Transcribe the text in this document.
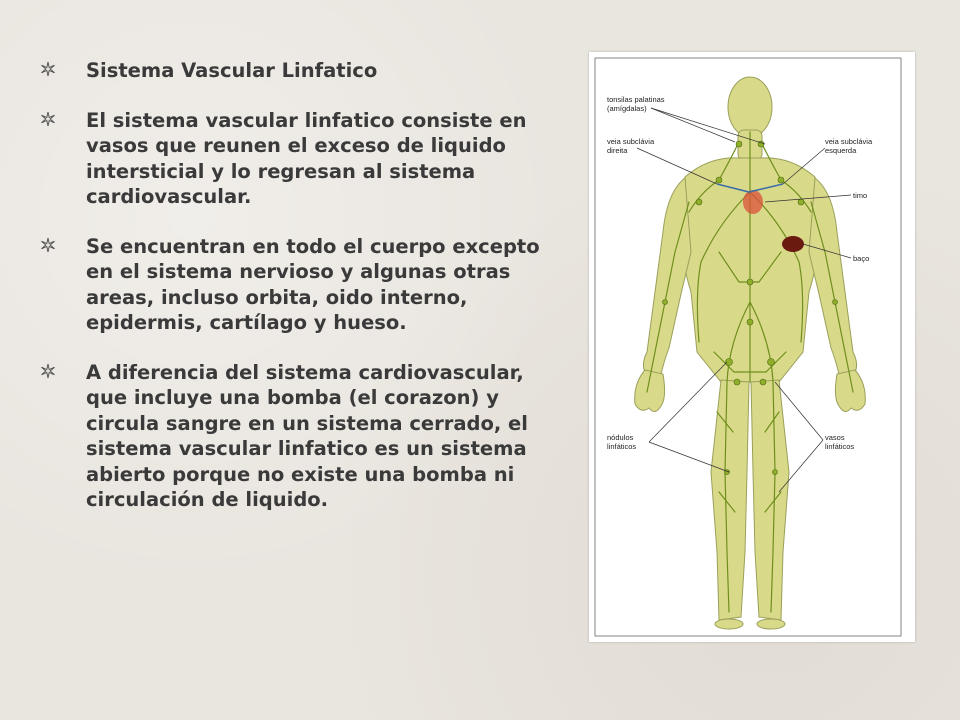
Sistema Vascular Linfatico

El sistema vascular linfatico consiste en vasos que reunen el exceso de liquido intersticial y lo regresan al sistema cardiovascular.

Se encuentran en todo el cuerpo excepto en el sistema nervioso y algunas otras areas, incluso orbita, oido interno, epidermis, cartílago y hueso.

A diferencia del sistema cardiovascular, que incluye una bomba (el corazon) y circula sangre en un sistema cerrado, el sistema vascular linfatico es un sistema abierto porque no existe una bomba ni circulación de liquido.

tonsilas palatinas
(amígdalas)
veia subclávia
direita
veia subclávia
esquerda
timo
baço
nódulos
linfáticos
vasos
linfáticos
